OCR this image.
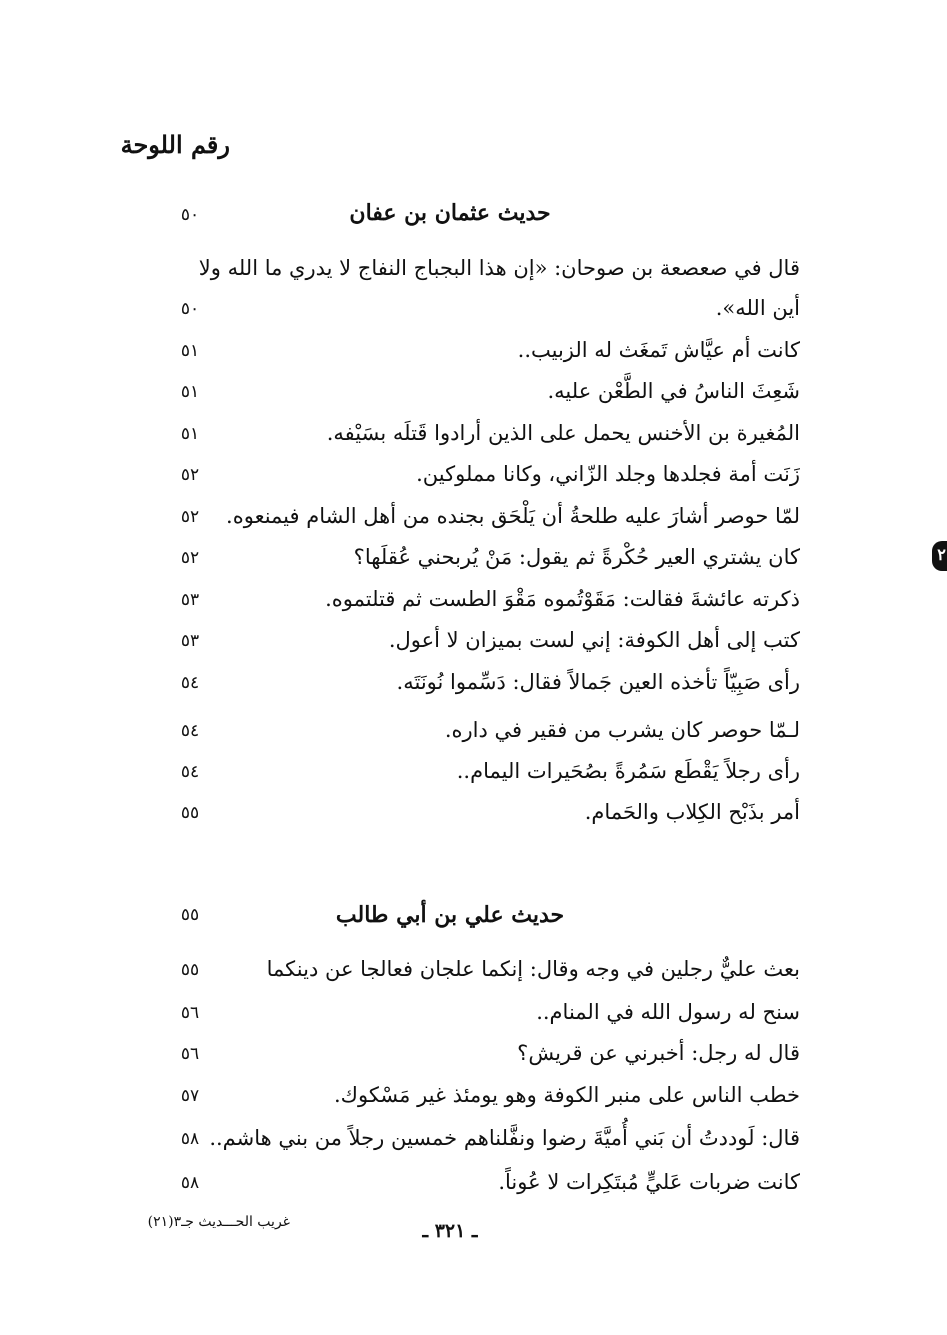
رقم اللوحة
حديث عثمان بن عفان
٥٠
قال في صعصعة بن صوحان: «إن هذا البجباج النفاج لا يدري ما الله ولا
أين الله».
٥٠
كانت أم عيَّاش تَمغَث له الزبيب..
٥١
شَعِثَ الناسُ في الطَّعْن عليه.
٥١
المُغيرة بن الأخنس يحمل على الذين أرادوا قَتلَه بسَيْفه.
٥١
زَنَت أمة فجلدها وجلد الزّاني، وكانا مملوكين.
٥٢
لمّا حوصر أشارَ عليه طلحةُ أن يَلْحَق بجنده من أهل الشام فيمنعوه.
٥٢
كان يشتري العير حُكْرةً ثم يقول: مَنْ يُربحني عُقلَها؟
٥٢
ذكرته عائشةَ فقالت: مَقَوْتُموه مَقْوَ الطست ثم قتلتموه.
٥٣
كتب إلى أهل الكوفة: إني لست بميزان لا أعول.
٥٣
رأى صَبِيّاً تأخذه العين جَمالاً فقال: دَسِّموا نُونَتَه.
٥٤
لـمّا حوصر كان يشرب من فقير في داره.
٥٤
رأى رجلاً يَقْطَع سَمُرةً بصُحَيرات اليمام..
٥٤
أمر بذَبْح الكِلاب والحَمام.
٥٥
حديث علي بن أبي طالب
٥٥
بعث عليٌّ رجلين في وجه وقال: إنكما علجان فعالجا عن دينكما
٥٥
سنح له رسول الله في المنام..
٥٦
قال له رجل: أخبرني عن قريش؟
٥٦
خطب الناس على منبر الكوفة وهو يومئذ غير مَسْكوك.
٥٧
قال: لَوددتُ أن بَني أُميَّةَ رضوا ونفَّلناهم خمسين رجلاً من بني هاشم..
٥٨
كانت ضربات عَليٍّ مُبتَكِرات لا عُوناً.
٥٨
غريب الحـــديث جـ٣(٢١)	ـ ٣٢١ ـ
٢
